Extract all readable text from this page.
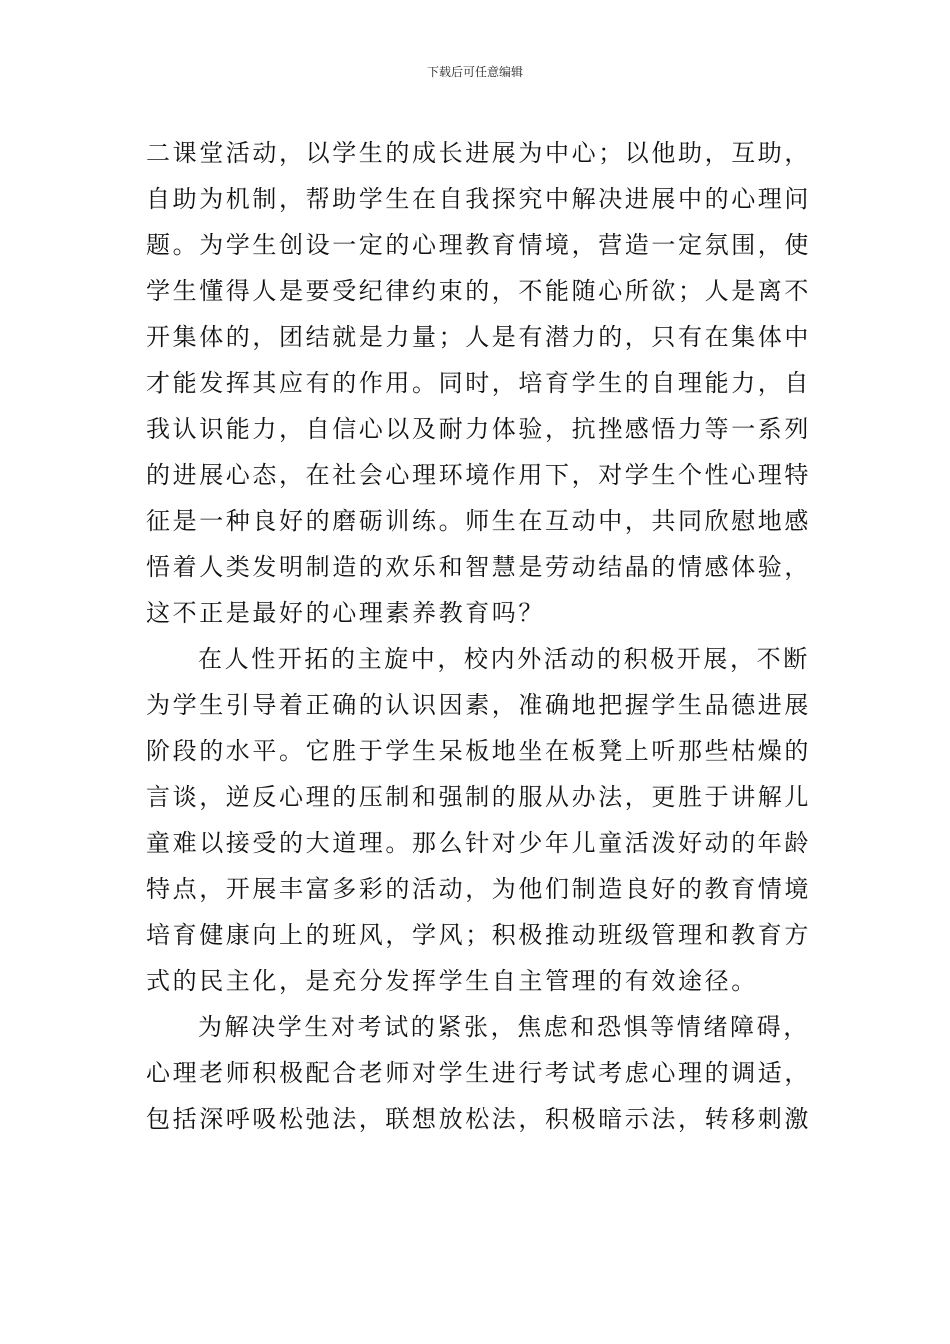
下载后可任意编辑
二课堂活动，以学生的成长进展为中心；以他助，互助，
自助为机制，帮助学生在自我探究中解决进展中的心理问
题。为学生创设一定的心理教育情境，营造一定氛围，使
学生懂得人是要受纪律约束的，不能随心所欲；人是离不
开集体的，团结就是力量；人是有潜力的，只有在集体中
才能发挥其应有的作用。同时，培育学生的自理能力，自
我认识能力，自信心以及耐力体验，抗挫感悟力等一系列
的进展心态，在社会心理环境作用下，对学生个性心理特
征是一种良好的磨砺训练。师生在互动中，共同欣慰地感
悟着人类发明制造的欢乐和智慧是劳动结晶的情感体验，
这不正是最好的心理素养教育吗？
在人性开拓的主旋中，校内外活动的积极开展，不断
为学生引导着正确的认识因素，准确地把握学生品德进展
阶段的水平。它胜于学生呆板地坐在板凳上听那些枯燥的
言谈，逆反心理的压制和强制的服从办法，更胜于讲解儿
童难以接受的大道理。那么针对少年儿童活泼好动的年龄
特点，开展丰富多彩的活动，为他们制造良好的教育情境
培育健康向上的班风，学风；积极推动班级管理和教育方
式的民主化，是充分发挥学生自主管理的有效途径。
为解决学生对考试的紧张，焦虑和恐惧等情绪障碍，
心理老师积极配合老师对学生进行考试考虑心理的调适，
包括深呼吸松弛法，联想放松法，积极暗示法，转移刺激
